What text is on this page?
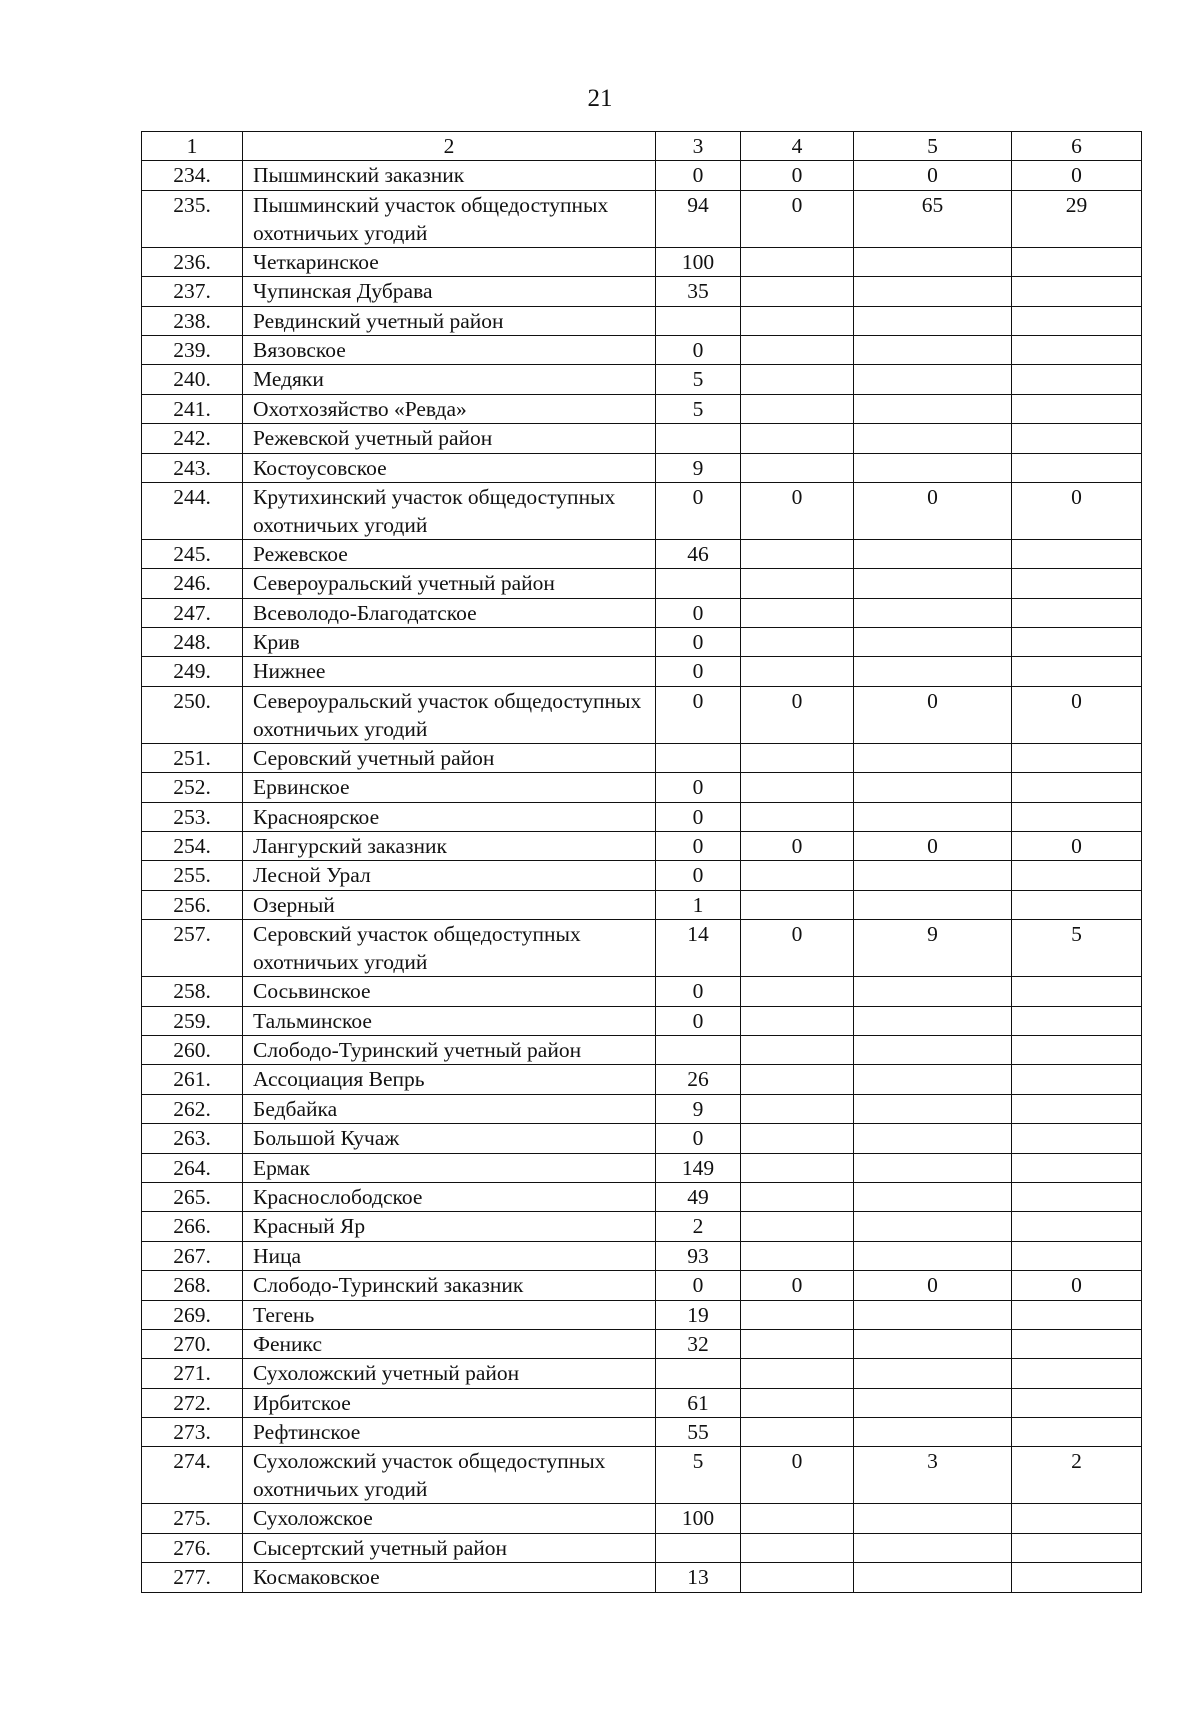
21
1	2	3	4	5	6
234.	Пышминский заказник	0	0	0	0
235.	Пышминский участок общедоступных охотничьих угодий	94	0	65	29
236.	Четкаринское	100			
237.	Чупинская Дубрава	35			
238.	Ревдинский учетный район				
239.	Вязовское	0			
240.	Медяки	5			
241.	Охотхозяйство «Ревда»	5			
242.	Режевской учетный район				
243.	Костоусовское	9			
244.	Крутихинский участок общедоступных охотничьих угодий	0	0	0	0
245.	Режевское	46			
246.	Североуральский учетный район				
247.	Всеволодо-Благодатское	0			
248.	Крив	0			
249.	Нижнее	0			
250.	Североуральский участок общедоступных охотничьих угодий	0	0	0	0
251.	Серовский учетный район				
252.	Ервинское	0			
253.	Красноярское	0			
254.	Лангурский заказник	0	0	0	0
255.	Лесной Урал	0			
256.	Озерный	1			
257.	Серовский участок общедоступных охотничьих угодий	14	0	9	5
258.	Сосьвинское	0			
259.	Тальминское	0			
260.	Слободо-Туринский учетный район				
261.	Ассоциация Вепрь	26			
262.	Бедбайка	9			
263.	Большой Кучаж	0			
264.	Ермак	149			
265.	Краснослободское	49			
266.	Красный Яр	2			
267.	Ница	93			
268.	Слободо-Туринский заказник	0	0	0	0
269.	Тегень	19			
270.	Феникс	32			
271.	Сухоложский учетный район				
272.	Ирбитское	61			
273.	Рефтинское	55			
274.	Сухоложский участок общедоступных охотничьих угодий	5	0	3	2
275.	Сухоложское	100			
276.	Сысертский учетный район				
277.	Космаковское	13			
